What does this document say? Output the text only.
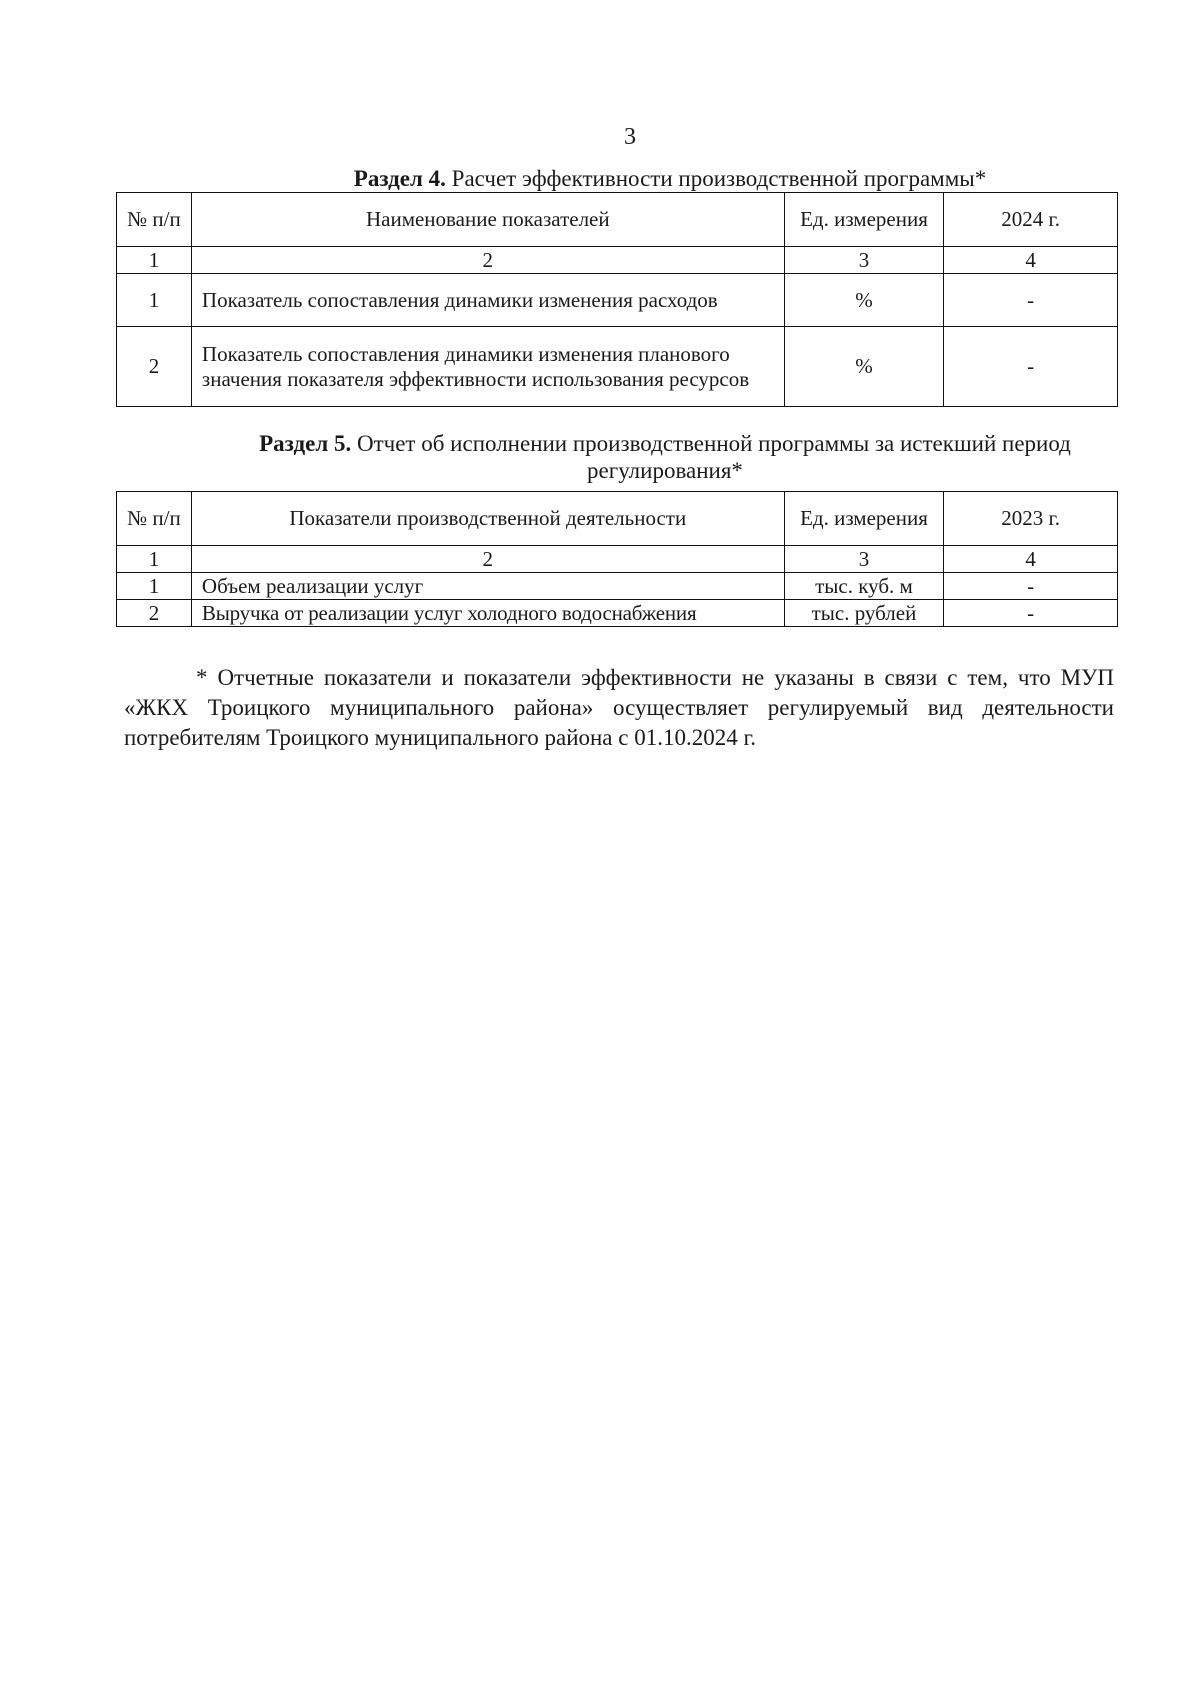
3
Раздел 4. Расчет эффективности производственной программы*
№ п/п	Наименование показателей	Ед. измерения	2024 г.
1	2	3	4
1	Показатель сопоставления динамики изменения расходов	%	-
2	Показатель сопоставления динамики изменения планового значения показателя эффективности использования ресурсов	%	-
Раздел 5. Отчет об исполнении производственной программы за истекший период регулирования*
№ п/п	Показатели производственной деятельности	Ед. измерения	2023 г.
1	2	3	4
1	Объем реализации услуг	тыс. куб. м	-
2	Выручка от реализации услуг холодного водоснабжения	тыс. рублей	-

* Отчетные показатели и показатели эффективности не указаны в связи с тем, что МУП «ЖКХ Троицкого муниципального района» осуществляет регулируемый вид деятельности потребителям Троицкого муниципального района с 01.10.2024 г.
